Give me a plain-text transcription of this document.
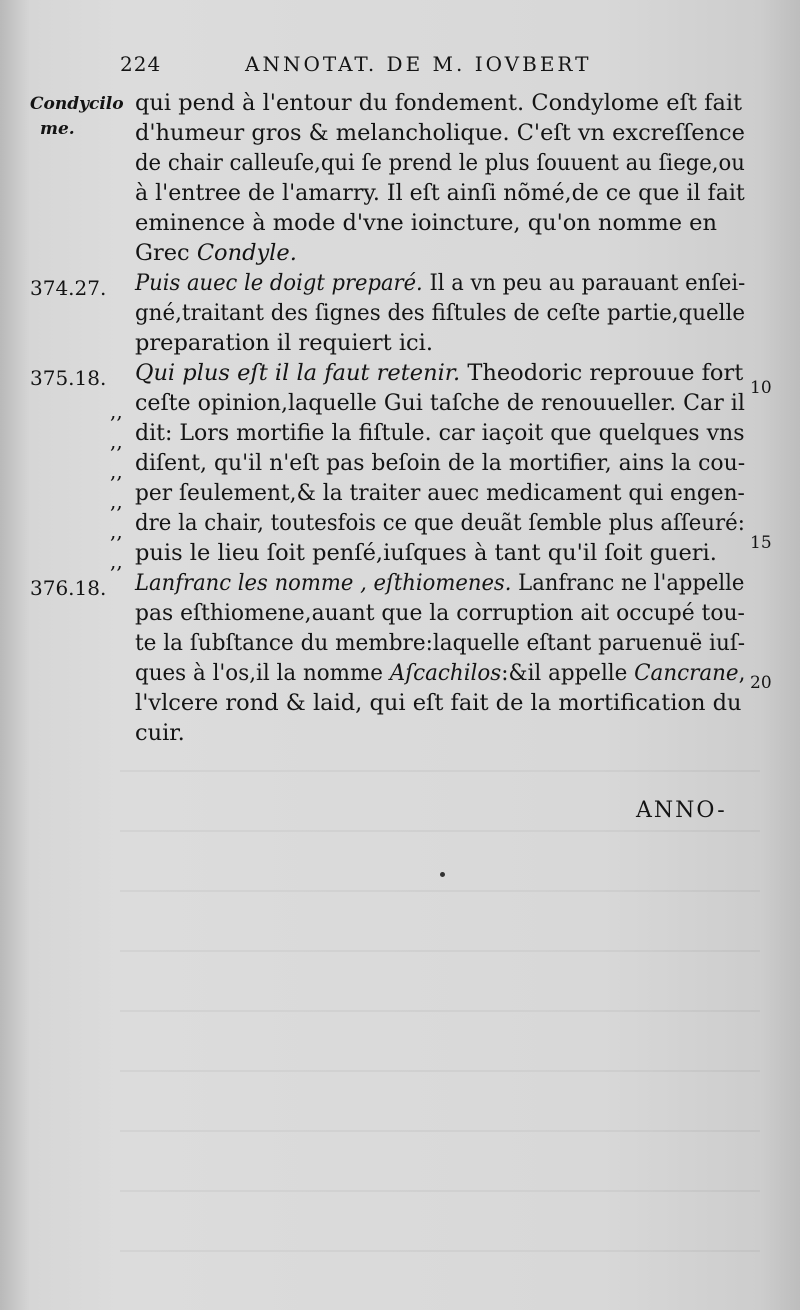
224	ANNOTAT. DE M. IOVBERT
Condycilo
me.
qui pend à l'entour du fondement. Condylome eſt fait
d'humeur gros & melancholique. C'eſt vn excreſſence
de chair calleuſe,qui ſe prend le plus ſouuent au ſiege,ou
à l'entree de l'amarry. Il eſt ainſi nõmé,de ce que il fait
eminence à mode d'vne ioincture, qu'on nomme en
Grec Condyle.
Puis auec le doigt preparé. Il a vn peu au parauant enſei-
gné,traitant des ſignes des fiſtules de ceſte partie,quelle
preparation il requiert ici.
Qui plus eſt il la faut retenir. Theodoric reprouue fort
ceſte opinion,laquelle Gui taſche de renouueller. Car il
dit: Lors mortifie la fiſtule. car iaçoit que quelques vns
diſent, qu'il n'eſt pas beſoin de la mortifier, ains la cou-
per ſeulement,& la traiter auec medicament qui engen-
dre la chair, toutesfois ce que deuãt ſemble plus aſſeuré:
puis le lieu ſoit penſé,iuſques à tant qu'il ſoit gueri.
Lanfranc les nomme , eſthiomenes. Lanfranc ne l'appelle
pas eſthiomene,auant que la corruption ait occupé tou-
te la ſubſtance du membre:laquelle eſtant paruenuë iuſ-
ques à l'os,il la nomme Aſcachilos:&il appelle Cancrane,
l'vlcere rond & laid, qui eſt fait de la mortification du
cuir.
374.27.
375.18.
376.18.
,,
,,
,,
,,
,,
,,
10
15
20
ANNO-
